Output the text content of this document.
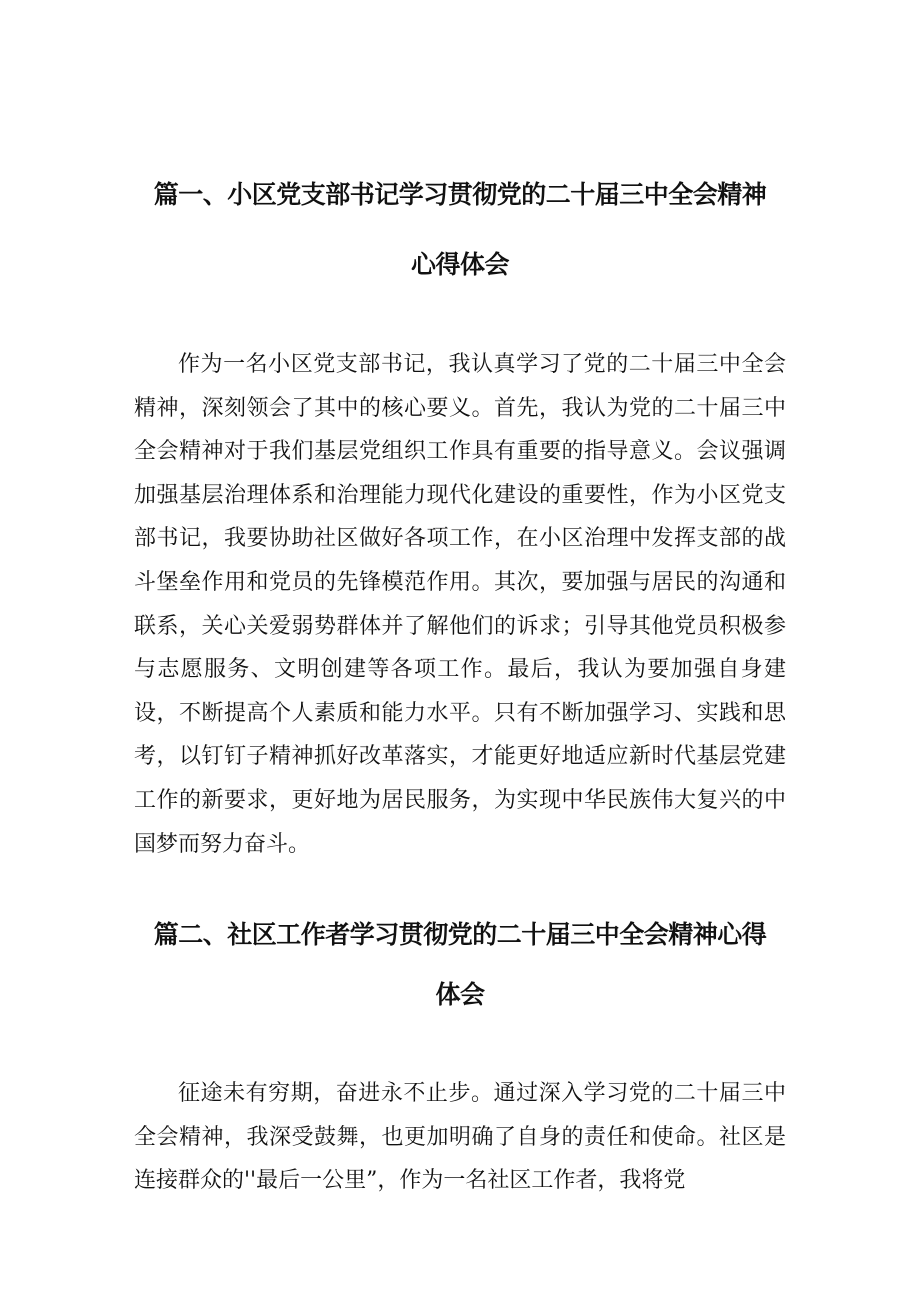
篇一、小区党支部书记学习贯彻党的二十届三中全会精神
心得体会

作为一名小区党支部书记，我认真学习了党的二十届三中全会精神，深刻领会了其中的核心要义。首先，我认为党的二十届三中全会精神对于我们基层党组织工作具有重要的指导意义。会议强调加强基层治理体系和治理能力现代化建设的重要性，作为小区党支部书记，我要协助社区做好各项工作，在小区治理中发挥支部的战斗堡垒作用和党员的先锋模范作用。其次，要加强与居民的沟通和联系，关心关爱弱势群体并了解他们的诉求；引导其他党员积极参与志愿服务、文明创建等各项工作。最后，我认为要加强自身建设，不断提高个人素质和能力水平。只有不断加强学习、实践和思考，以钉钉子精神抓好改革落实，才能更好地适应新时代基层党建工作的新要求，更好地为居民服务，为实现中华民族伟大复兴的中国梦而努力奋斗。

篇二、社区工作者学习贯彻党的二十届三中全会精神心得
体会

征途未有穷期，奋进永不止步。通过深入学习党的二十届三中全会精神，我深受鼓舞，也更加明确了自身的责任和使命。社区是连接群众的''最后一公里”，作为一名社区工作者，我将党
